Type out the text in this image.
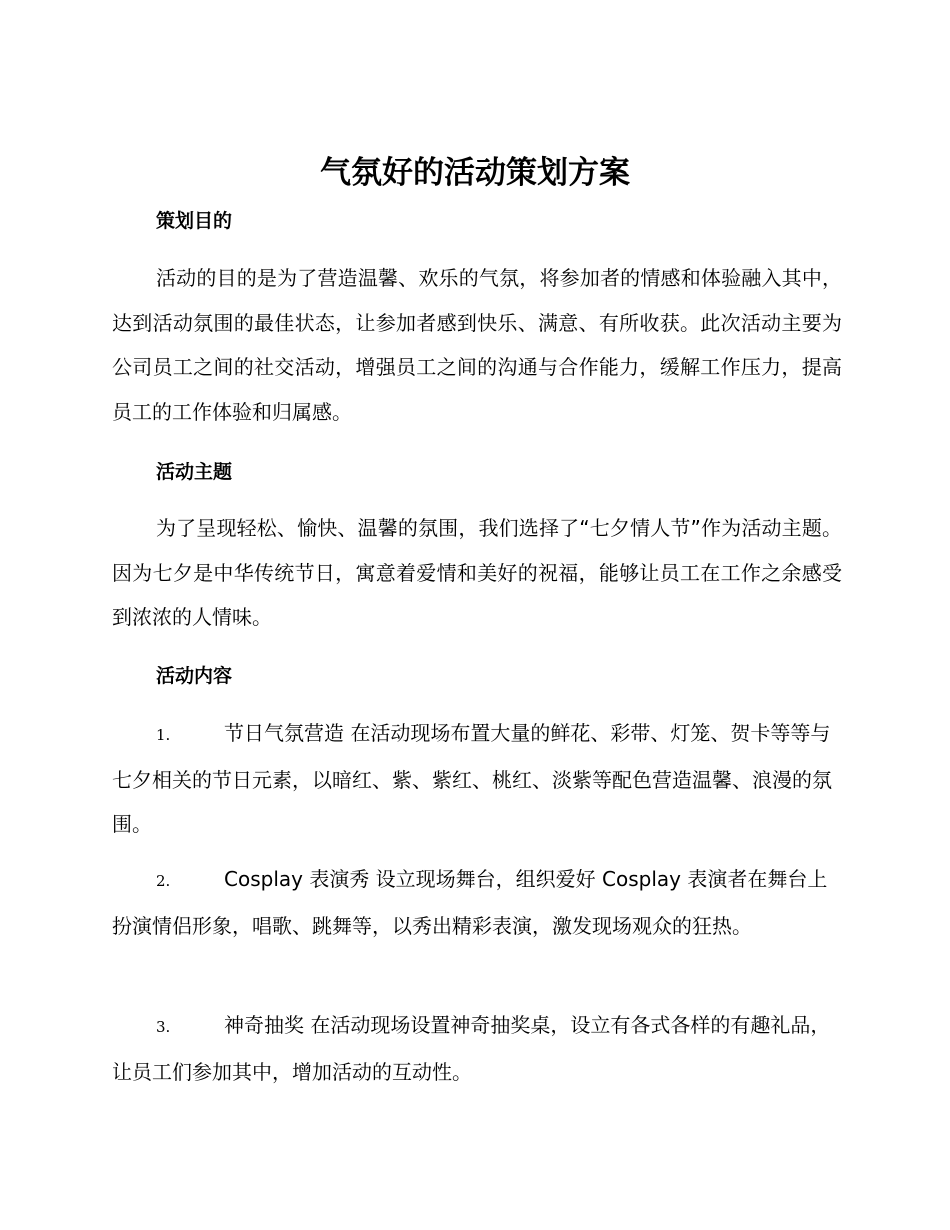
气氛好的活动策划方案
策划目的

活动的目的是为了营造温馨、欢乐的气氛，将参加者的情感和体验融入其中，达到活动氛围的最佳状态，让参加者感到快乐、满意、有所收获。此次活动主要为公司员工之间的社交活动，增强员工之间的沟通与合作能力，缓解工作压力，提高员工的工作体验和归属感。

活动主题

为了呈现轻松、愉快、温馨的氛围，我们选择了“七夕情人节”作为活动主题。因为七夕是中华传统节日，寓意着爱情和美好的祝福，能够让员工在工作之余感受到浓浓的人情味。

活动内容

1.	节日气氛营造 在活动现场布置大量的鲜花、彩带、灯笼、贺卡等等与七夕相关的节日元素，以暗红、紫、紫红、桃红、淡紫等配色营造温馨、浪漫的氛围。

2.	Cosplay 表演秀 设立现场舞台，组织爱好 Cosplay 表演者在舞台上扮演情侣形象，唱歌、跳舞等，以秀出精彩表演，激发现场观众的狂热。

3.	神奇抽奖 在活动现场设置神奇抽奖桌，设立有各式各样的有趣礼品，让员工们参加其中，增加活动的互动性。
